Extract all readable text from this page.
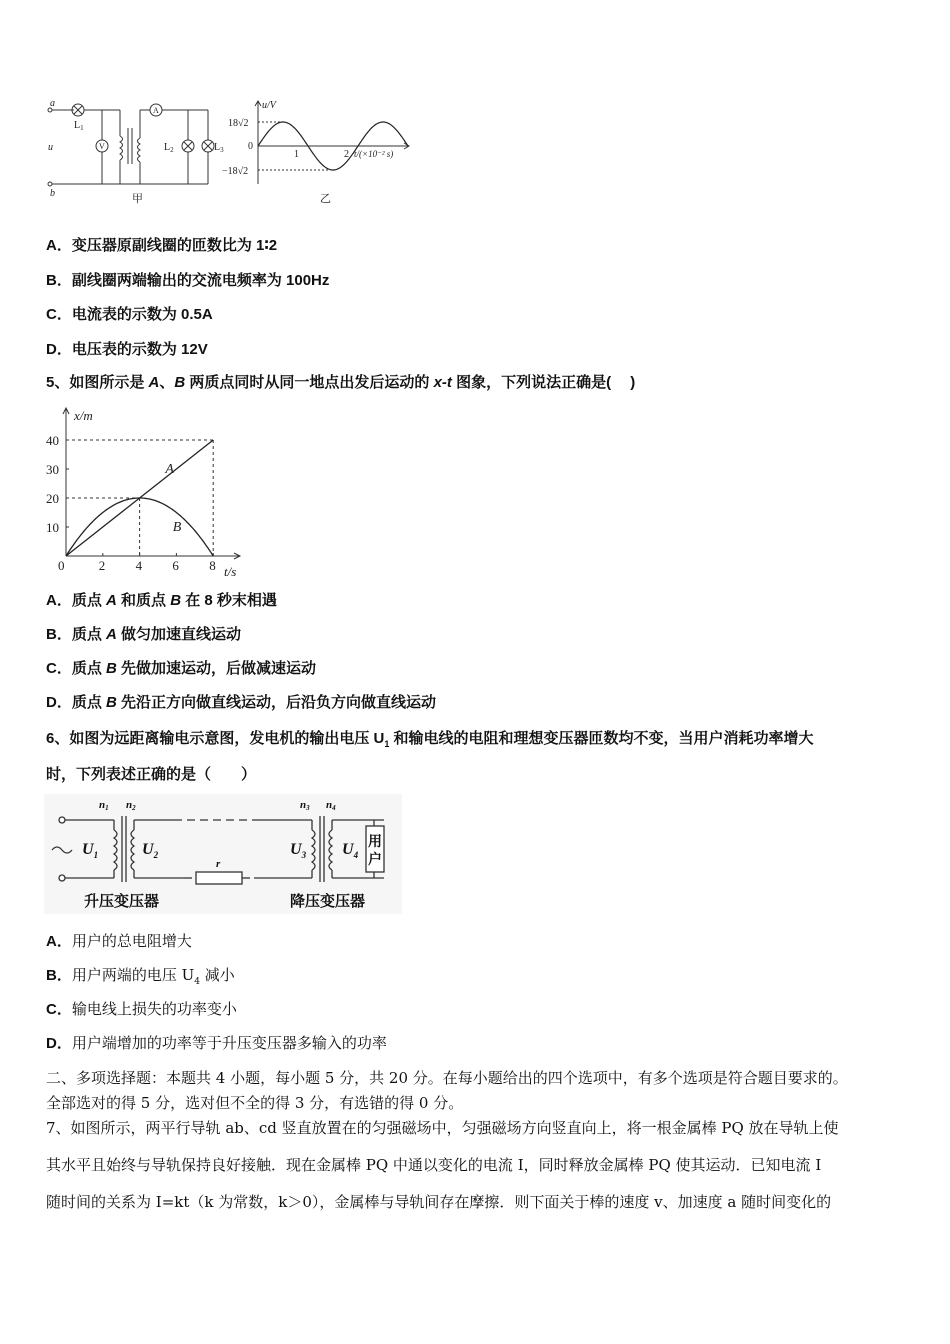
a
b
u
$L_1$
V
A
$L_2$	$L_3$
甲
u/V
18√2
0
−18√2
1	2 t/(×10⁻² s)
乙
A．变压器原副线圈的匝数比为 1∶2
B．副线圈两端输出的交流电频率为 100Hz
C．电流表的示数为 0.5A
D．电压表的示数为 12V
5、如图所示是 A、B 两质点同时从同一地点出发后运动的 x-t 图象，下列说法正确是(　 )
0	2 4 6 8
10
20
30
40
t/s
x/m
A
B
A．质点 A 和质点 B 在 8 秒末相遇
B．质点 A 做匀加速直线运动
C．质点 B 先做加速运动，后做减速运动
D．质点 B 先沿正方向做直线运动，后沿负方向做直线运动
6、如图为远距离输电示意图，发电机的输出电压 $U_1$ 和输电线的电阻和理想变压器匝数均不变，当用户消耗功率增大
时，下列表述正确的是（　　）
n1 n2	n3 n4
$U_1$	$U_2$	$U_3$ $U_4$
r
用
户
升压变压器	降压变压器
A．用户的总电阻增大
B．用户两端的电压 $U_4$ 减小
C．输电线上损失的功率变小
D．用户端增加的功率等于升压变压器多输入的功率
二、多项选择题：本题共 4 小题，每小题 5 分，共 20 分。在每小题给出的四个选项中，有多个选项是符合题目要求的。
全部选对的得 5 分，选对但不全的得 3 分，有选错的得 0 分。
7、如图所示，两平行导轨 ab、cd 竖直放置在的匀强磁场中，匀强磁场方向竖直向上，将一根金属棒 PQ 放在导轨上使
其水平且始终与导轨保持良好接触．现在金属棒 PQ 中通以变化的电流 I，同时释放金属棒 PQ 使其运动．已知电流 I
随时间的关系为 I=kt（k 为常数，k＞0），金属棒与导轨间存在摩擦．则下面关于棒的速度 v、加速度 a 随时间变化的
